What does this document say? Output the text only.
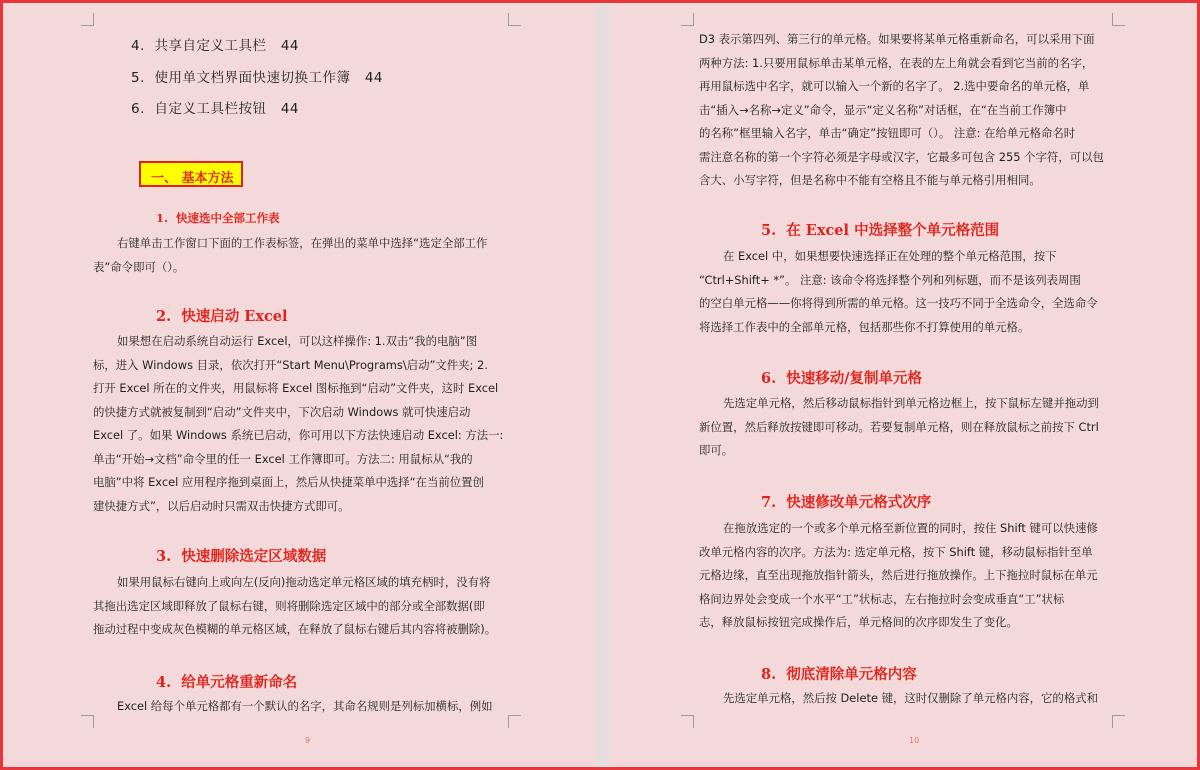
4.  共享自定义工具栏   44
5.  使用单文档界面快速切换工作簿   44
6.  自定义工具栏按钮   44
一、 基本方法
1.  快速选中全部工作表
右键单击工作窗口下面的工作表标签，在弹出的菜单中选择“选定全部工作
表”命令即可（）。
2.  快速启动 Excel
如果想在启动系统自动运行 Excel，可以这样操作: 1.双击“我的电脑”图
标，进入 Windows 目录，依次打开“Start Menu\Programs\启动”文件夹; 2.
打开 Excel 所在的文件夹，用鼠标将 Excel 图标拖到“启动”文件夹，这时 Excel
的快捷方式就被复制到“启动”文件夹中，下次启动 Windows 就可快速启动
Excel 了。如果 Windows 系统已启动，你可用以下方法快速启动 Excel: 方法一:
单击“开始→文档”命令里的任一 Excel 工作簿即可。方法二: 用鼠标从“我的
电脑”中将 Excel 应用程序拖到桌面上，然后从快捷菜单中选择“在当前位置创
建快捷方式”，以后启动时只需双击快捷方式即可。
3.  快速删除选定区域数据
如果用鼠标右键向上或向左(反向)拖动选定单元格区域的填充柄时，没有将
其拖出选定区域即释放了鼠标右键，则将删除选定区域中的部分或全部数据(即
拖动过程中变成灰色模糊的单元格区域，在释放了鼠标右键后其内容将被删除)。
4.  给单元格重新命名
Excel 给每个单元格都有一个默认的名字，其命名规则是列标加横标，例如
9
D3 表示第四列、第三行的单元格。如果要将某单元格重新命名，可以采用下面
两种方法: 1.只要用鼠标单击某单元格，在表的左上角就会看到它当前的名字，
再用鼠标选中名字，就可以输入一个新的名字了。 2.选中要命名的单元格，单
击“插入→名称→定义”命令，显示“定义名称”对话框，在“在当前工作簿中
的名称”框里输入名字，单击“确定”按钮即可（）。 注意: 在给单元格命名时
需注意名称的第一个字符必须是字母或汉字，它最多可包含 255 个字符，可以包
含大、小写字符，但是名称中不能有空格且不能与单元格引用相同。
5.  在 Excel 中选择整个单元格范围
在 Excel 中，如果想要快速选择正在处理的整个单元格范围，按下
“Ctrl+Shift+ *”。 注意: 该命令将选择整个列和列标题，而不是该列表周围
的空白单元格——你将得到所需的单元格。这一技巧不同于全选命令，全选命令
将选择工作表中的全部单元格，包括那些你不打算使用的单元格。
6.  快速移动/复制单元格
先选定单元格，然后移动鼠标指针到单元格边框上，按下鼠标左键并拖动到
新位置，然后释放按键即可移动。若要复制单元格，则在释放鼠标之前按下 Ctrl
即可。
7.  快速修改单元格式次序
在拖放选定的一个或多个单元格至新位置的同时，按住 Shift 键可以快速修
改单元格内容的次序。方法为: 选定单元格，按下 Shift 键，移动鼠标指针至单
元格边缘，直至出现拖放指针箭头，然后进行拖放操作。上下拖拉时鼠标在单元
格间边界处会变成一个水平“工”状标志，左右拖拉时会变成垂直“工”状标
志，释放鼠标按钮完成操作后，单元格间的次序即发生了变化。
8.  彻底清除单元格内容
先选定单元格，然后按 Delete 键，这时仅删除了单元格内容，它的格式和
10
